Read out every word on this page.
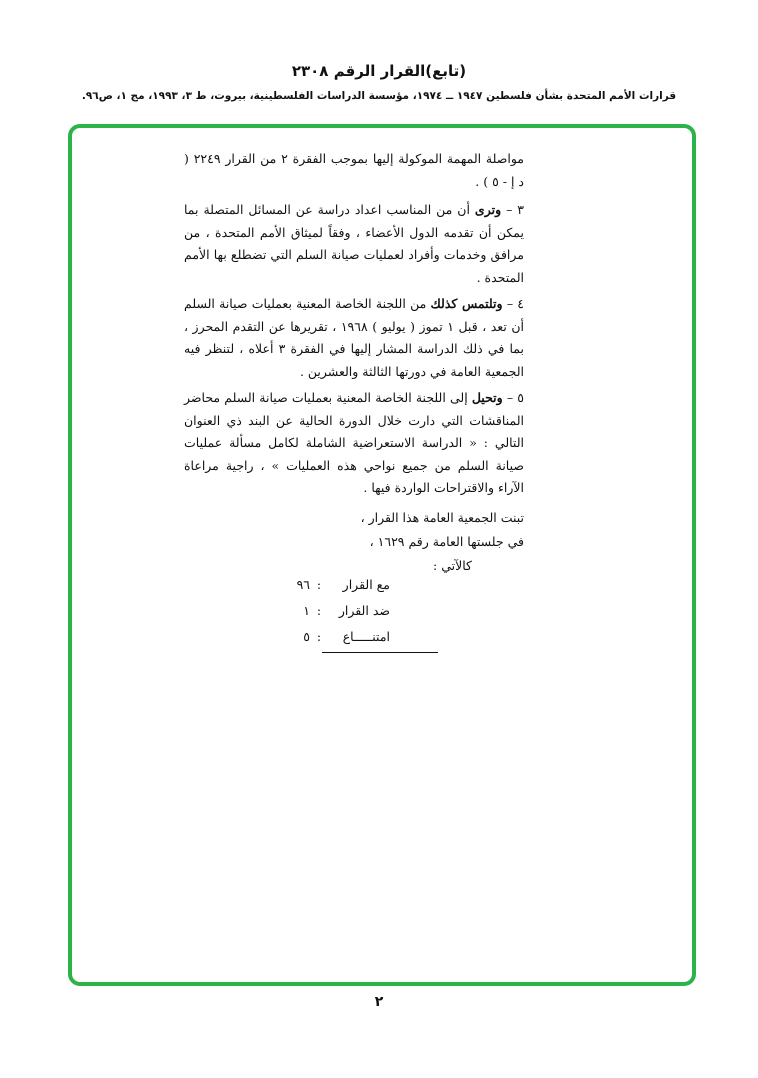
(تابع)القرار الرقم ٢٣٠٨
قرارات الأمم المتحدة بشأن فلسطين ١٩٤٧ ــ ١٩٧٤، مؤسسة الدراسات الفلسطينية، بيروت، ط ٣، ١٩٩٣، مج ١، ص٩٦.

مواصلة المهمة الموكولة إليها بموجب الفقرة ٢ من القرار ٢٢٤٩ ( د إ - ٥ ) .

٣ – وترى أن من المناسب اعداد دراسة عن المسائل المتصلة بما يمكن أن تقدمه الدول الأعضاء ، وفقاً لميثاق الأمم المتحدة ، من مرافق وخدمات وأفراد لعمليات صيانة السلم التي تضطلع بها الأمم المتحدة .

٤ – وتلتمس كذلك من اللجنة الخاصة المعنية بعمليات صيانة السلم أن تعد ، قبل ١ تموز ( يوليو ) ١٩٦٨ ، تقريرها عن التقدم المحرز ، بما في ذلك الدراسة المشار إليها في الفقرة ٣ أعلاه ، لتنظر فيه الجمعية العامة في دورتها الثالثة والعشرين .

٥ – وتحيل إلى اللجنة الخاصة المعنية بعمليات صيانة السلم محاضر المناقشات التي دارت خلال الدورة الحالية عن البند ذي العنوان التالي : « الدراسة الاستعراضية الشاملة لكامل مسألة عمليات صيانة السلم من جميع نواحي هذه العمليات » ، راجية مراعاة الآراء والاقتراحات الواردة فيها .

تبنت الجمعية العامة هذا القرار ،
في جلستها العامة رقم ١٦٢٩ ،
كالآتي :
مع القرار
:
٩٦
ضد القرار
:
١
امتنـــــاع
:
٥
٢
